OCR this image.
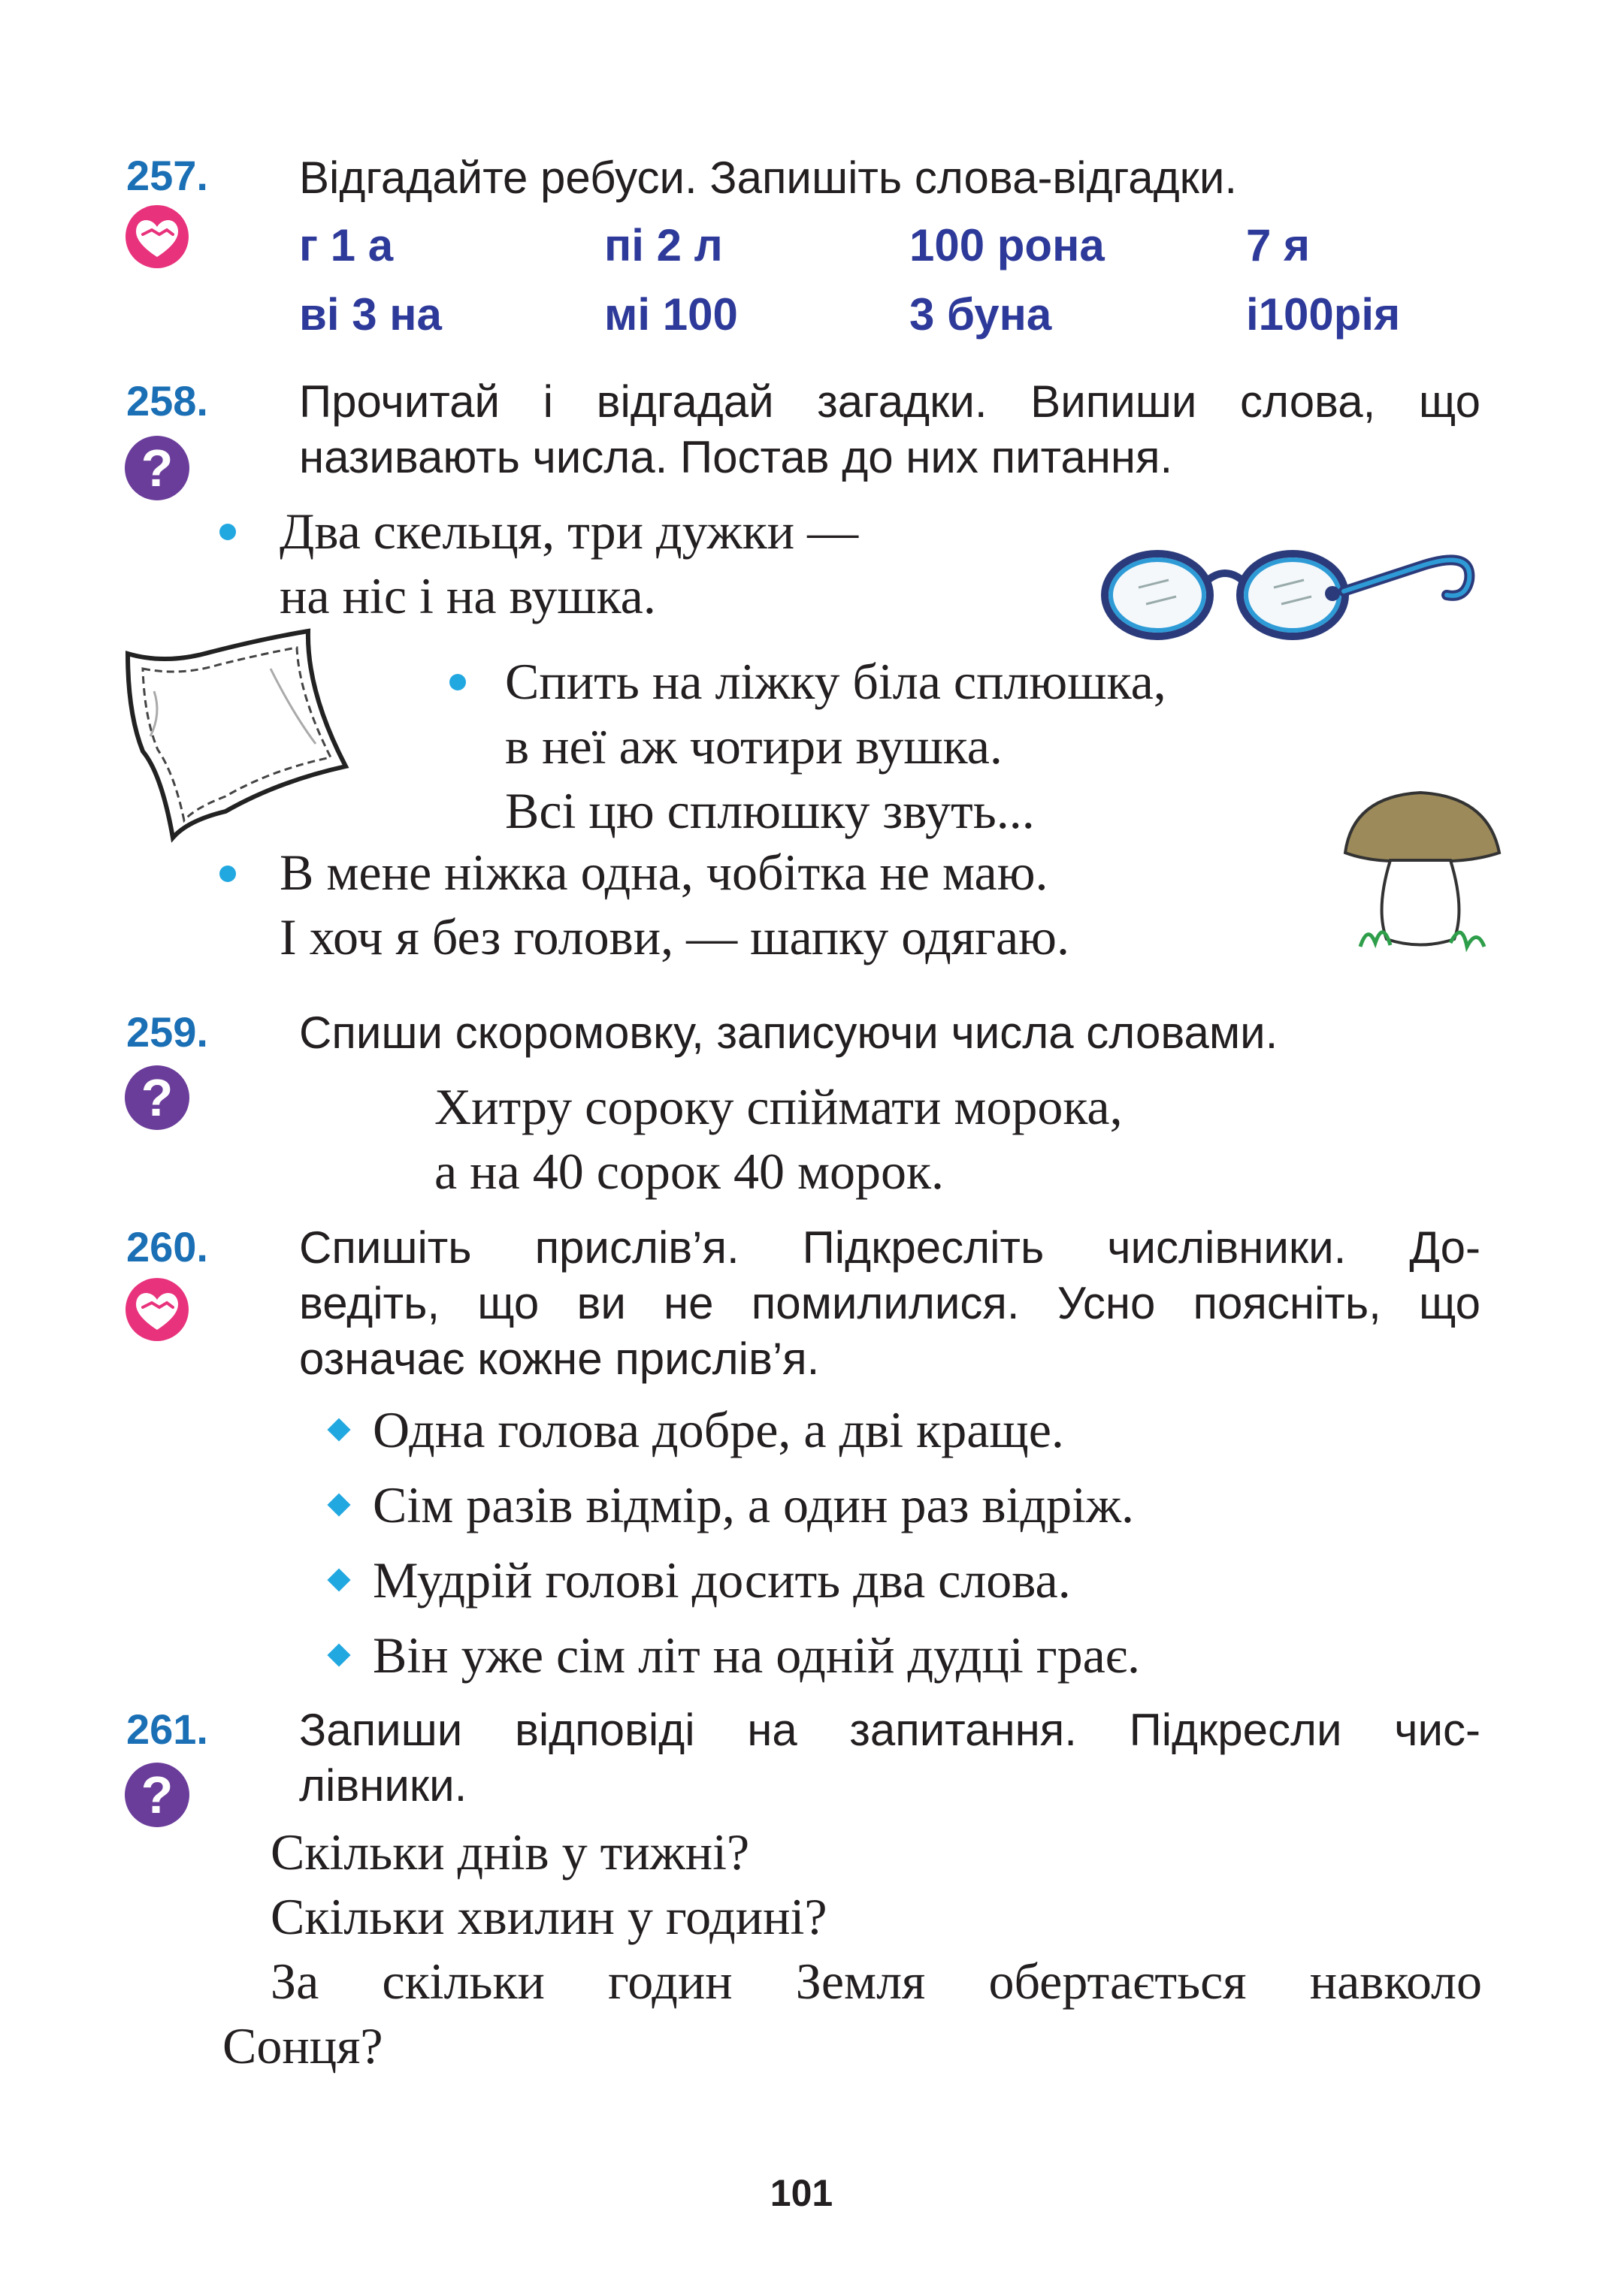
257. Відгадайте ребуси. Запишіть слова-відгадки.
г 1 а	пі 2 л	100 рона	7 я
ві 3 на	мі 100	3 буна	і100рія
258.
?
Прочитай і відгадай загадки. Випиши слова, що
називають числа. Постав до них питання.
Два скельця, три дужки —
на ніс і на вушка.
Спить на ліжку біла сплюшка,
в неї аж чотири вушка.
Всі цю сплюшку звуть...
В мене ніжка одна, чобітка не маю.
І хоч я без голови, — шапку одягаю.
259.
?
Спиши скоромовку, записуючи числа словами.
Хитру сороку спіймати морока,
а на 40 сорок 40 морок.
260. Спишіть прислів’я. Підкресліть числівники. До-
ведіть, що ви не помилилися. Усно поясніть, що
означає кожне прислів’я.
Одна голова добре, а дві краще.
Сім разів відмір, а один раз відріж.
Мудрій голові досить два слова.
Він уже сім літ на одній дудці грає.
261.
?
Запиши відповіді на запитання. Підкресли чис-
лівники.
Скільки днів у тижні?
Скільки хвилин у годині?
За скільки годин Земля обертається навколо
Сонця?
101
